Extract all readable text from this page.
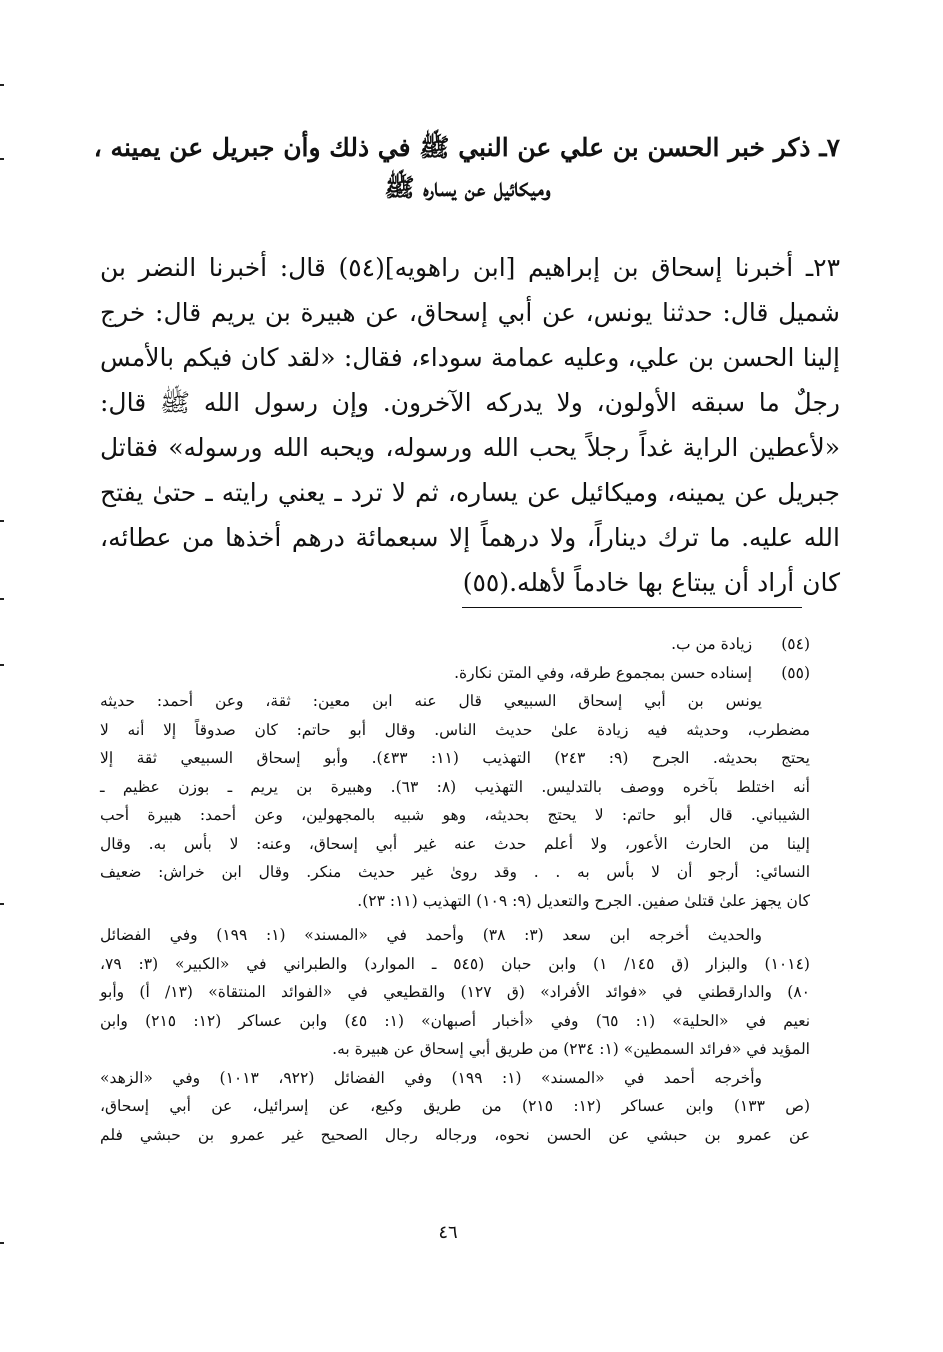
٧ـ ذكر خبر الحسن بن علي عن النبي ﷺ في ذلك وأن جبريل عن يمينه ،
وميكائيل عن يساره ﷺ
٢٣ـ أخبرنا إسحاق بن إبراهيم [ابن راهويه](٥٤) قال: أخبرنا النضر بن
شميل قال: حدثنا يونس، عن أبي إسحاق، عن هبيرة بن يريم قال: خرج
إلينا الحسن بن علي، وعليه عمامة سوداء، فقال: «لقد كان فيكم بالأمس
رجلٌ ما سبقه الأولون، ولا يدركه الآخرون. وإن رسول الله ﷺ قال:
«لأعطين الراية غداً رجلاً يحب الله ورسوله، ويحبه الله ورسوله» فقاتل
جبريل عن يمينه، وميكائيل عن يساره، ثم لا ترد ـ يعني رايته ـ حتىٰ يفتح
الله عليه. ما ترك ديناراً، ولا درهماً إلا سبعمائة درهم أخذها من عطائه،
كان أراد أن يبتاع بها خادماً لأهله.(٥٥)
(٥٤)  زيادة من ب.
(٥٥)  إسناده حسن بمجموع طرقه، وفي المتن نكارة.
يونس بن أبي إسحاق السبيعي قال عنه ابن معين: ثقة، وعن أحمد: حديثه
مضطرب، وحديثه فيه زيادة علىٰ حديث الناس. وقال أبو حاتم: كان صدوقاً إلا أنه لا
يحتج بحديثه. الجرح (٩: ٢٤٣) التهذيب (١١: ٤٣٣). وأبو إسحاق السبيعي ثقة إلا
أنه اختلط بآخره ووصف بالتدليس. التهذيب (٨: ٦٣). وهبيرة بن يريم ـ بوزن عظيم ـ
الشيباني. قال أبو حاتم: لا يحتج بحديثه، وهو شبيه بالمجهولين، وعن أحمد: هبيرة أحب
إلينا من الحارث الأعور، ولا أعلم حدث عنه غير أبي إسحاق، وعنه: لا بأس به. وقال
النسائي: أرجو أن لا بأس به . . وقد روىٰ غير حديث منكر. وقال ابن خراش: ضعيف
كان يجهز علىٰ قتلىٰ صفين. الجرح والتعديل (٩: ١٠٩) التهذيب (١١: ٢٣).
والحديث أخرجه ابن سعد (٣: ٣٨) وأحمد في «المسند» (١: ١٩٩) وفي الفضائل
(١٠١٤) والبزار (ق ١٤٥/ ١) وابن حبان (٥٤٥ ـ الموارد) والطبراني في «الكبير» (٣: ٧٩،
٨٠) والدارقطني في «فوائد الأفراد» (ق ١٢٧) والقطيعي في «الفوائد المنتقاة» (١٣/ أ) وأبو
نعيم في «الحلية» (١: ٦٥) وفي «أخبار أصبهان» (١: ٤٥) وابن عساكر (١٢: ٢١٥) وابن
المؤيد في «فرائد السمطين» (١: ٢٣٤) من طريق أبي إسحاق عن هبيرة به.
وأخرجه أحمد في «المسند» (١: ١٩٩) وفي الفضائل (٩٢٢، ١٠١٣) وفي «الزهد»
(ص ١٣٣) وابن عساكر (١٢: ٢١٥) من طريق وكيع، عن إسرائيل، عن أبي إسحاق،
عن عمرو بن حبشي عن الحسن نحوه، ورجاله رجال الصحيح غير عمرو بن حبشي فلم
٤٦
